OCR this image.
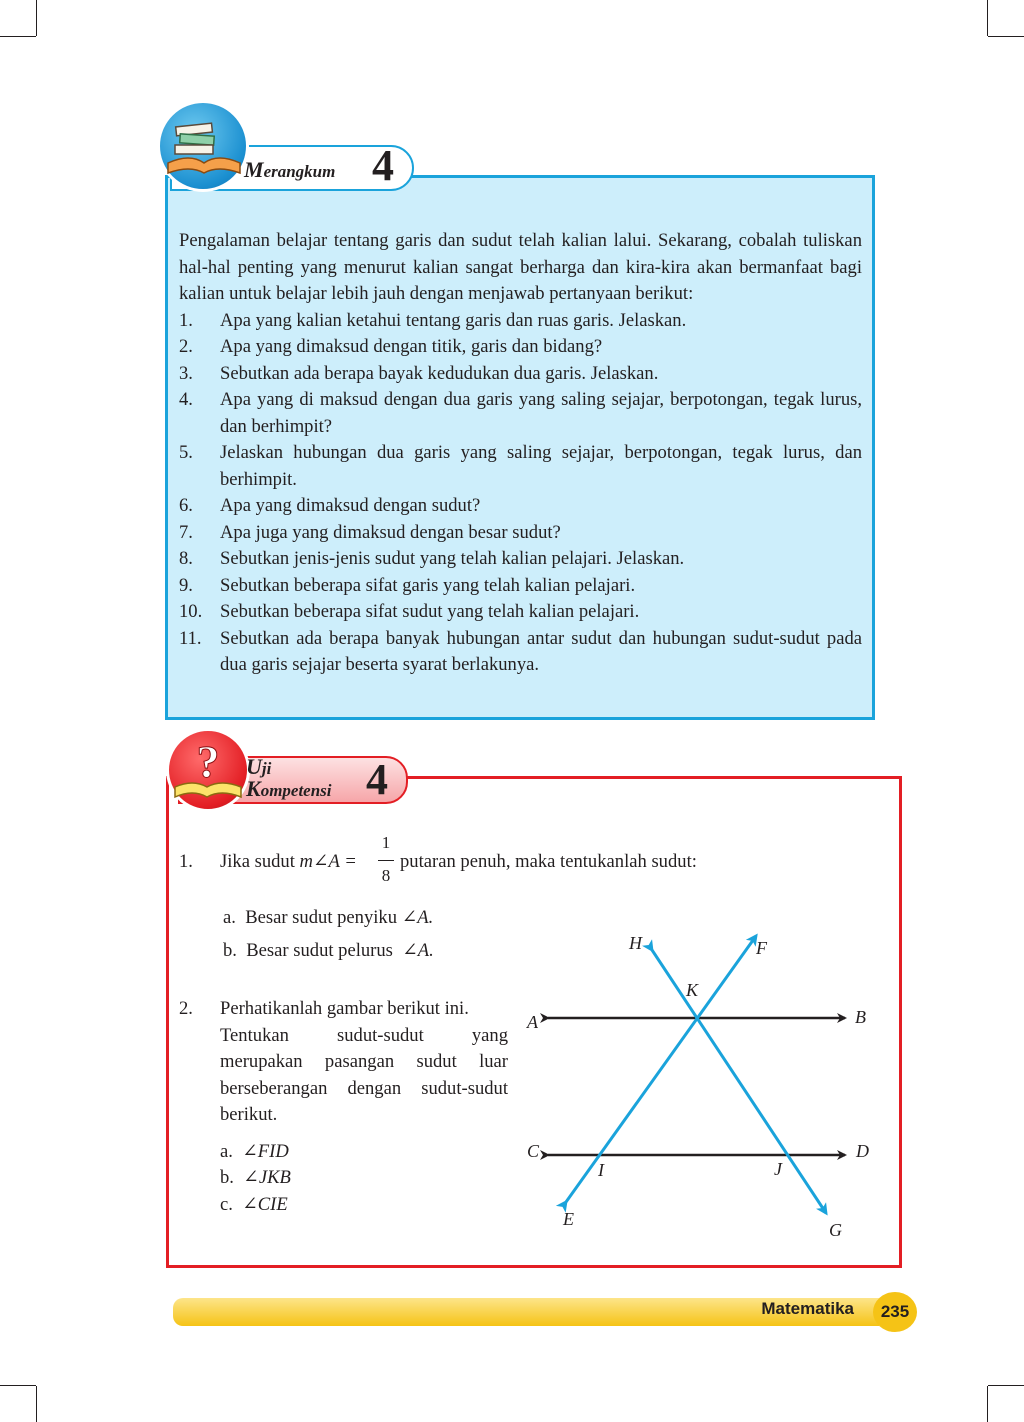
Merangkum 4

Pengalaman belajar tentang garis dan sudut telah kalian lalui. Sekarang, cobalah tuliskan hal-hal penting yang menurut kalian sangat berharga dan kira-kira akan bermanfaat bagi kalian untuk belajar lebih jauh dengan menjawab pertanyaan berikut:

1. Apa yang kalian ketahui tentang garis dan ruas garis. Jelaskan.
2. Apa yang dimaksud dengan titik, garis dan bidang?
3. Sebutkan ada berapa bayak kedudukan dua garis. Jelaskan.
4. Apa yang di maksud dengan dua garis yang saling sejajar, berpotongan, tegak lurus, dan berhimpit?
5. Jelaskan hubungan dua garis yang saling sejajar, berpotongan, tegak lurus, dan berhimpit.
6. Apa yang dimaksud dengan sudut?
7. Apa juga yang dimaksud dengan besar sudut?
8. Sebutkan jenis-jenis sudut yang telah kalian pelajari. Jelaskan.
9. Sebutkan beberapa sifat garis yang telah kalian pelajari.
10. Sebutkan beberapa sifat sudut yang telah kalian pelajari.
11. Sebutkan ada berapa banyak hubungan antar sudut dan hubungan sudut-sudut pada dua garis sejajar beserta syarat berlakunya.
? Uji
Kompetensi 4
1. Jika sudut m∠A =
1
8
putaran penuh, maka tentukanlah sudut:
a. Besar sudut penyiku ∠A.
b. Besar sudut pelurus  ∠A.
2. Perhatikanlah gambar berikut ini.

Tentukan sudut-sudut yang merupakan pasangan sudut luar berseberangan dengan sudut-sudut berikut.

a. ∠FID
b. ∠JKB
c. ∠CIE
H	F
K
A	B
C	D
I	J
E
G
Matematika	235
